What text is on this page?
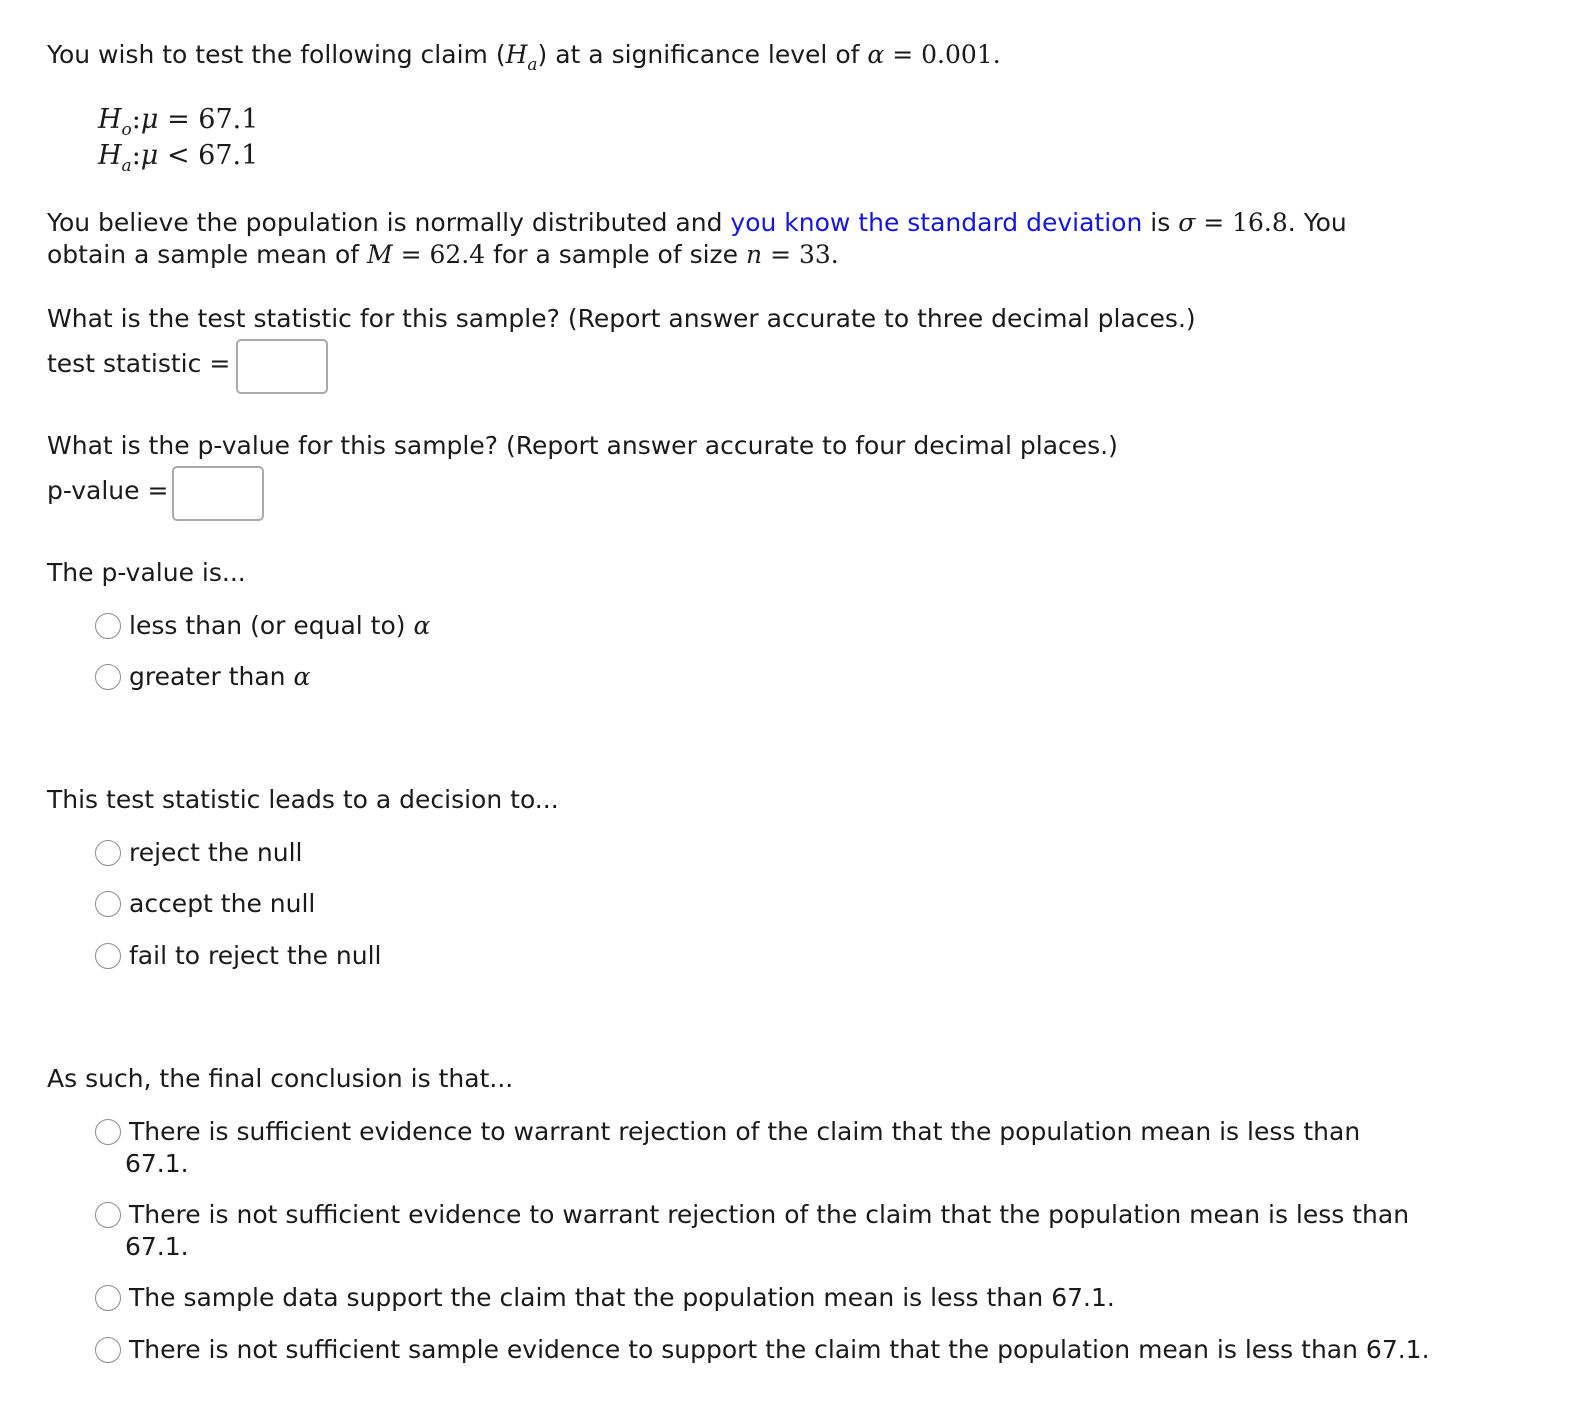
You wish to test the following claim $(H_a)$ at a significance level of α = 0.001.
$H_o:\mu = 67.1$
$H_a:\mu < 67.1$
You believe the population is normally distributed and you know the standard deviation is σ = 16.8. You
obtain a sample mean of M = 62.4 for a sample of size n = 33.
What is the test statistic for this sample? (Report answer accurate to three decimal places.)
test statistic =
What is the p-value for this sample? (Report answer accurate to four decimal places.)
p-value =
The p-value is...
less than (or equal to) α
greater than α
This test statistic leads to a decision to...
reject the null
accept the null
fail to reject the null
As such, the final conclusion is that...
There is sufficient evidence to warrant rejection of the claim that the population mean is less than
67.1.
There is not sufficient evidence to warrant rejection of the claim that the population mean is less than
67.1.
The sample data support the claim that the population mean is less than 67.1.
There is not sufficient sample evidence to support the claim that the population mean is less than 67.1.
